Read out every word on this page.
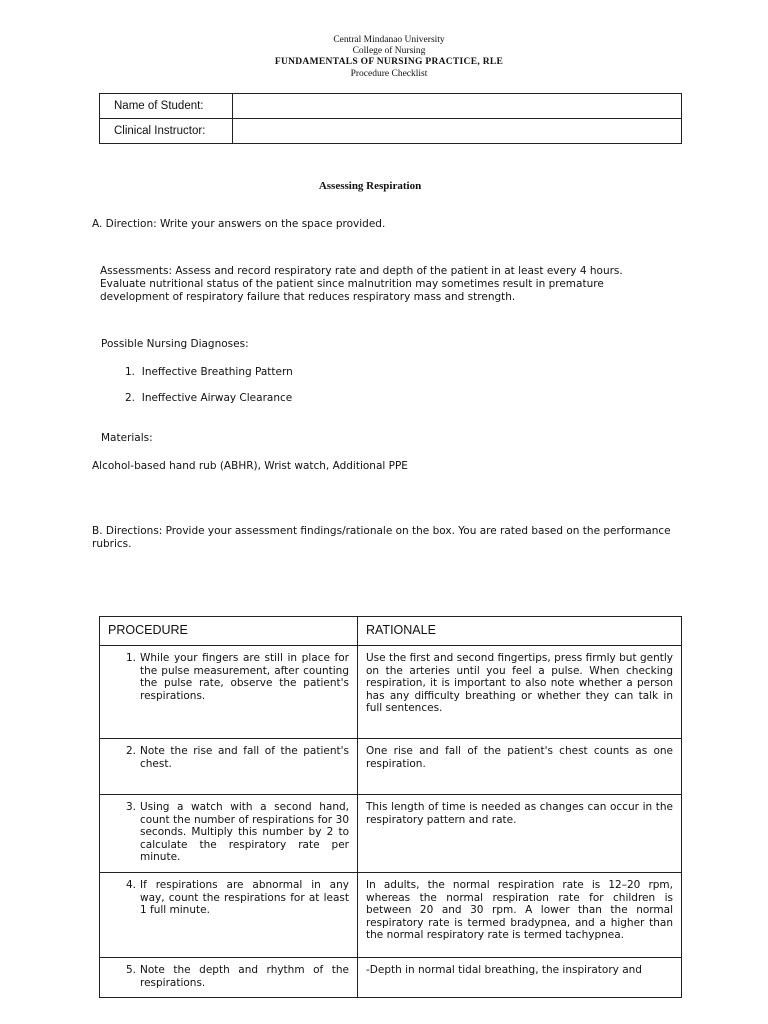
Central Mindanao University
College of Nursing
FUNDAMENTALS OF NURSING PRACTICE, RLE
Procedure Checklist
Name of Student:	
Clinical Instructor:	
Assessing Respiration
A. Direction: Write your answers on the space provided.
Assessments: Assess and record respiratory rate and depth of the patient in at least every 4 hours. Evaluate nutritional status of the patient since malnutrition may sometimes result in premature development of respiratory failure that reduces respiratory mass and strength.
Possible Nursing Diagnoses:
1. Ineffective Breathing Pattern
2. Ineffective Airway Clearance
Materials:
Alcohol-based hand rub (ABHR), Wrist watch, Additional PPE
B. Directions: Provide your assessment findings/rationale on the box. You are rated based on the performance rubrics.
PROCEDURE	RATIONALE

1. While your fingers are still in place for the pulse measurement, after counting the pulse rate, observe the patient's respirations.	Use the first and second fingertips, press firmly but gently on the arteries until you feel a pulse. When checking respiration, it is important to also note whether a person has any difficulty breathing or whether they can talk in full sentences.

2. Note the rise and fall of the patient's chest.	One rise and fall of the patient's chest counts as one respiration.

3. Using a watch with a second hand, count the number of respirations for 30 seconds. Multiply this number by 2 to calculate the respiratory rate per minute.	This length of time is needed as changes can occur in the respiratory pattern and rate.

4. If respirations are abnormal in any way, count the respirations for at least 1 full minute.	In adults, the normal respiration rate is 12–20 rpm, whereas the normal respiration rate for children is between 20 and 30 rpm. A lower than the normal respiratory rate is termed bradypnea, and a higher than the normal respiratory rate is termed tachypnea.

5. Note the depth and rhythm of the respirations.	-Depth in normal tidal breathing, the inspiratory and
